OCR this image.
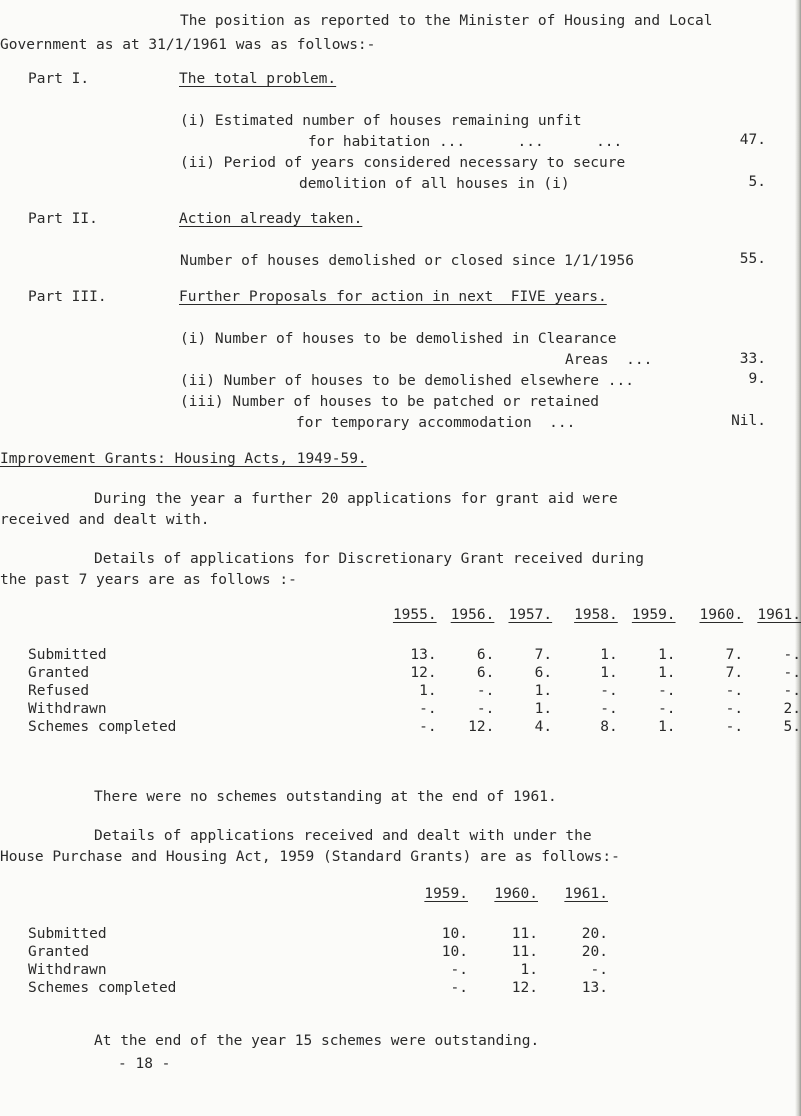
The position as reported to the Minister of Housing and Local
Government as at 31/1/1961 was as follows:-
Part I.	The total problem.
(i) Estimated number of houses remaining unfit
for habitation ...      ...      ...	47.
(ii) Period of years considered necessary to secure
demolition of all houses in (i)	5.
Part II.	Action already taken.
Number of houses demolished or closed since 1/1/1956	55.
Part III.	Further Proposals for action in next  FIVE years.
(i) Number of houses to be demolished in Clearance
Areas  ...	33.
(ii) Number of houses to be demolished elsewhere ...	9.
(iii) Number of houses to be patched or retained
for temporary accommodation  ...	Nil.
Improvement Grants: Housing Acts, 1949-59.
During the year a further 20 applications for grant aid were
received and dealt with.
Details of applications for Discretionary Grant received during
the past 7 years are as follows :-
	1955.	1956.	1957.	1958.	1959.	1960.	1961.
Submitted	13.	6.	7.	1.	1.	7.	-.
Granted	12.	6.	6.	1.	1.	7.	-.
Refused	1.	-.	1.	-.	-.	-.	-.
Withdrawn	-.	-.	1.	-.	-.	-.	2.
Schemes completed	-.	12.	4.	8.	1.	-.	5.
There were no schemes outstanding at the end of 1961.
Details of applications received and dealt with under the
House Purchase and Housing Act, 1959 (Standard Grants) are as follows:-
	1959.	1960.	1961.
Submitted	10.	11.	20.
Granted	10.	11.	20.
Withdrawn	-.	1.	-.
Schemes completed	-.	12.	13.
At the end of the year 15 schemes were outstanding.
- 18 -
